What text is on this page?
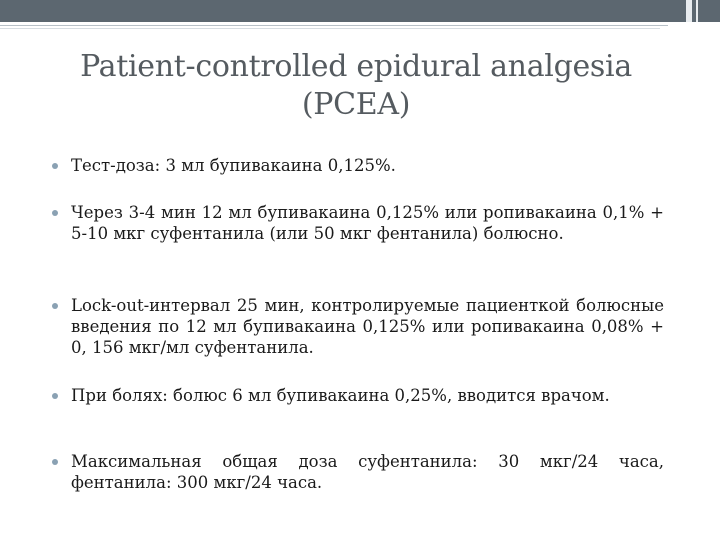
Patient-controlled epidural analgesia
(PCEA)
Тест-доза: 3 мл бупивакаина 0,125%.
Через 3-4 мин 12 мл бупивакаина 0,125% или ропивакаина 0,1% + 5-10 мкг суфентанила (или 50 мкг фентанила) болюсно.
Lock-out-интервал 25 мин, контролируемые пациенткой болюсные введения по 12 мл бупивакаина 0,125% или ропивакаина 0,08% + 0, 156 мкг/мл суфентанила.
При болях: болюс 6 мл бупивакаина 0,25%, вводится врачом.
Максимальная общая доза суфентанила: 30 мкг/24 часа, фентанила: 300 мкг/24 часа.
